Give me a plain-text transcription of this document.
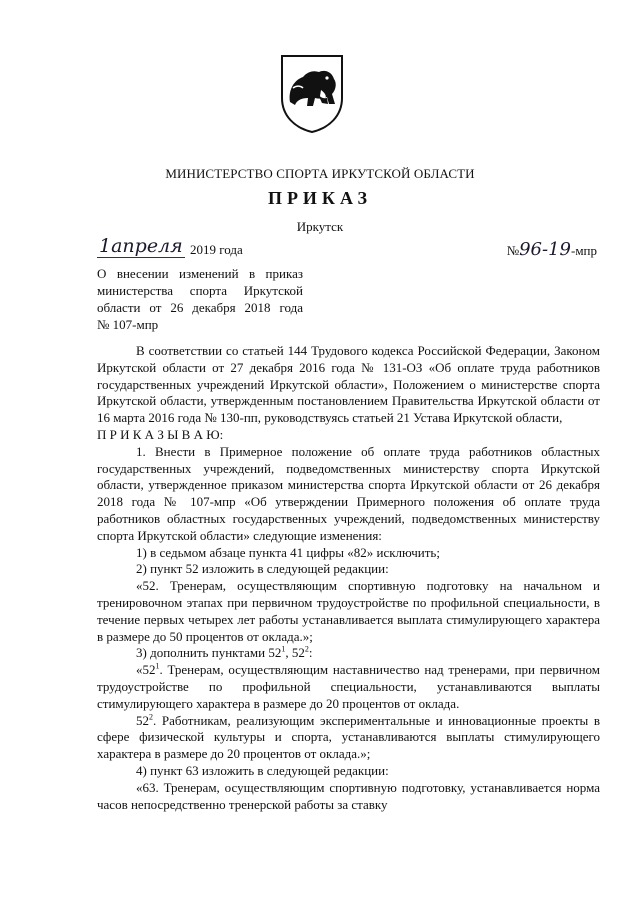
МИНИСТЕРСТВО СПОРТА ИРКУТСКОЙ ОБЛАСТИ
ПРИКАЗ
Иркутск
1апреля 2019 года	№96-19-мпр
О внесении изменений в приказ
министерства спорта Иркутской
области от 26 декабря 2018 года
№ 107-мпр

В соответствии со статьей 144 Трудового кодекса Российской Федерации, Законом Иркутской области от 27 декабря 2016 года № 131-ОЗ «Об оплате труда работников государственных учреждений Иркутской области», Положением о министерстве спорта Иркутской области, утвержденным постановлением Правительства Иркутской области от 16 марта 2016 года № 130-пп, руководствуясь статьей 21 Устава Иркутской области,

П Р И К А З Ы В А Ю:

1. Внести в Примерное положение об оплате труда работников областных государственных учреждений, подведомственных министерству спорта Иркутской области, утвержденное приказом министерства спорта Иркутской области от 26 декабря 2018 года № 107-мпр «Об утверждении Примерного положения об оплате труда работников областных государственных учреждений, подведомственных министерству спорта Иркутской области» следующие изменения:

1) в седьмом абзаце пункта 41 цифры «82» исключить;

2) пункт 52 изложить в следующей редакции:

«52. Тренерам, осуществляющим спортивную подготовку на начальном и тренировочном этапах при первичном трудоустройстве по профильной специальности, в течение первых четырех лет работы устанавливается выплата стимулирующего характера в размере до 50 процентов от оклада.»;

3) дополнить пунктами $52^1$, $52^2$:

«$52^1$. Тренерам, осуществляющим наставничество над тренерами, при первичном трудоустройстве по профильной специальности, устанавливаются выплаты стимулирующего характера в размере до 20 процентов от оклада.

$52^2$. Работникам, реализующим экспериментальные и инновационные проекты в сфере физической культуры и спорта, устанавливаются выплаты стимулирующего характера в размере до 20 процентов от оклада.»;

4) пункт 63 изложить в следующей редакции:

«63. Тренерам, осуществляющим спортивную подготовку, устанавливается норма часов непосредственно тренерской работы за ставку
